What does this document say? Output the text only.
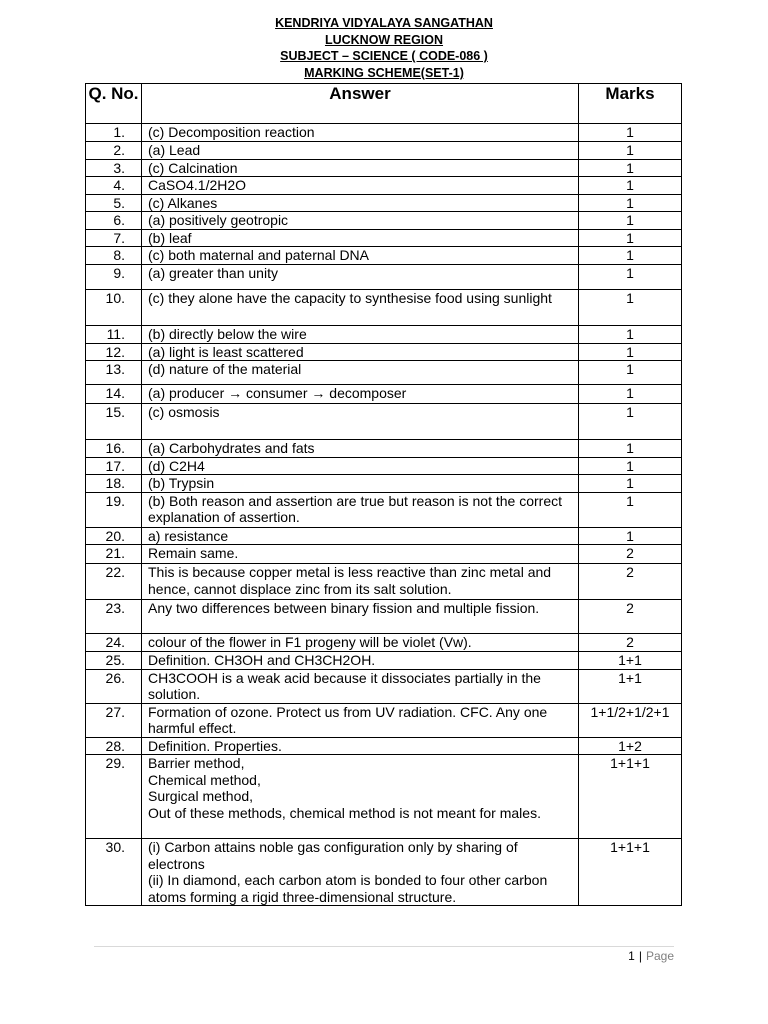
KENDRIYA VIDYALAYA SANGATHAN
LUCKNOW REGION
SUBJECT – SCIENCE ( CODE-086 )
MARKING SCHEME(SET-1)
Q. No.	Answer	Marks
1.	(c) Decomposition reaction	1
2.	(a) Lead	1
3.	(c) Calcination	1
4.	CaSO4.1/2H2O	1
5.	(c) Alkanes	1
6.	(a) positively geotropic	1
7.	(b) leaf	1
8.	(c) both maternal and paternal DNA	1
9.	(a) greater than unity	1
10.	(c) they alone have the capacity to synthesise food using sunlight	1
11.	(b) directly below the wire	1
12.	(a) light is least scattered	1
13.	(d) nature of the material	1
14.	(a) producer → consumer → decomposer	1
15.	(c) osmosis	1
16.	(a) Carbohydrates and fats	1
17.	(d) C2H4	1
18.	(b) Trypsin	1
19.	(b) Both reason and assertion are true but reason is not the correct explanation of assertion.	1
20.	a) resistance	1
21.	Remain same.	2
22.	This is because copper metal is less reactive than zinc metal and hence, cannot displace zinc from its salt solution.	2
23.	Any two differences between binary fission and multiple fission.	2
24.	colour of the flower in F1 progeny will be violet (Vw).	2
25.	Definition. CH3OH and CH3CH2OH.	1+1
26.	CH3COOH is a weak acid because it dissociates partially in the solution.	1+1
27.	Formation of ozone. Protect us from UV radiation. CFC. Any one harmful effect.	1+1/2+1/2+1
28.	Definition. Properties.	1+2
29.	Barrier method,
Chemical method,
Surgical method,
Out of these methods, chemical method is not meant for males.	1+1+1
30.	(i) Carbon attains noble gas configuration only by sharing of electrons
(ii) In diamond, each carbon atom is bonded to four other carbon atoms forming a rigid three-dimensional structure.	1+1+1
1 | Page
